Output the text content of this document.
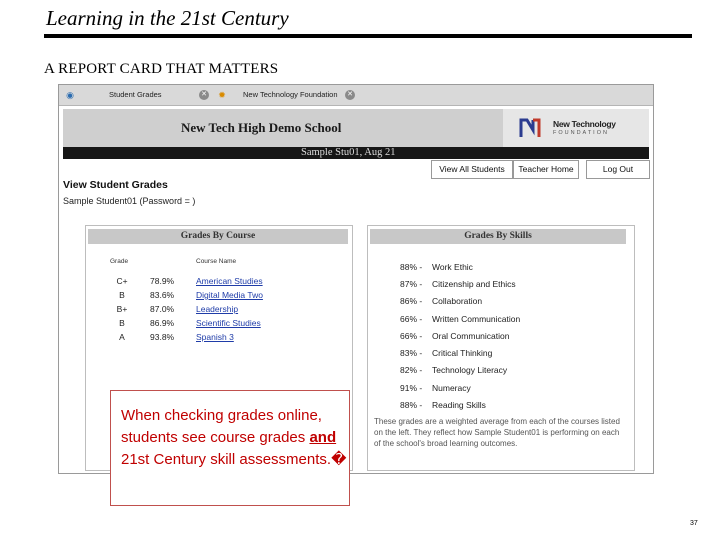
Learning in the 21st Century
A REPORT CARD THAT MATTERS
◉	Student Grades	✕ ✹ New Technology Foundation ✕
New Tech High Demo School	New Technology
FOUNDATION
Sample Stu01, Aug 21
View All Students	Teacher Home	Log Out
View Student Grades
Sample Student01 (Password = )
Grades By Course
Grade	Course Name
C+	78.9%	American Studies
B	83.6%	Digital Media Two
B+	87.0%	Leadership
B	86.9%	Scientific Studies
A	93.8%	Spanish 3
Grades By Skills
88% - Work Ethic
87% - Citizenship and Ethics
86% - Collaboration
66% - Written Communication
66% - Oral Communication
83% - Critical Thinking
82% - Technology Literacy
91% - Numeracy
88% - Reading Skills
These grades are a weighted average from each of the courses listed on the left. They reflect how Sample Student01 is performing on each of the school's broad learning outcomes.
When checking grades online, students see course grades and 21st Century skill assessments.�
37
